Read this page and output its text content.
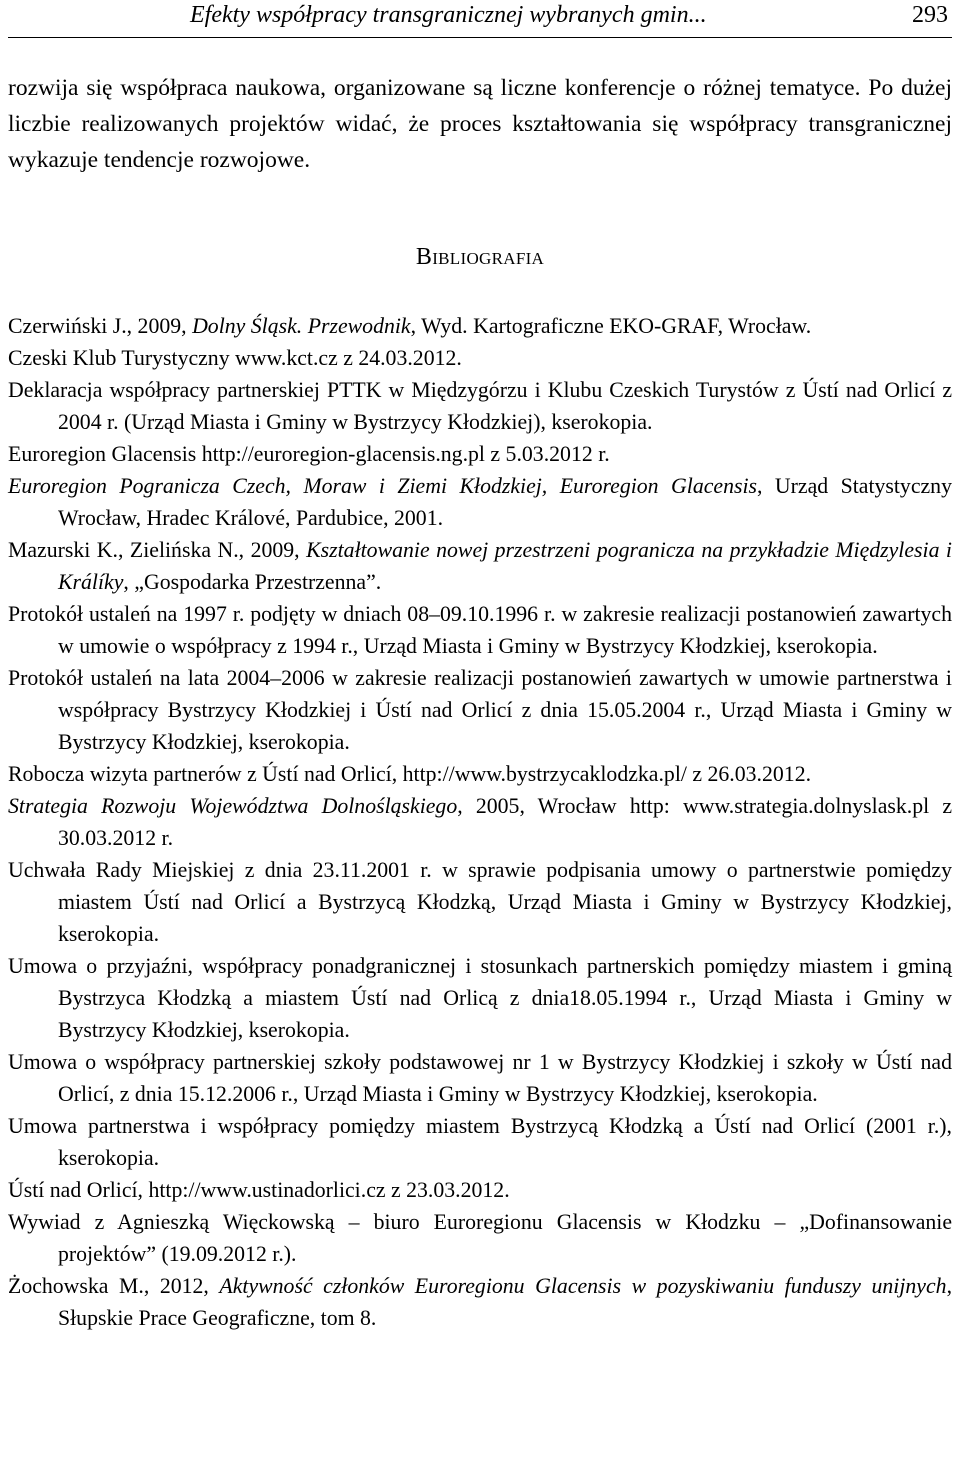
Efekty współpracy transgranicznej wybranych gmin...	293

rozwija się współpraca naukowa, organizowane są liczne konferencje o różnej tematyce. Po dużej liczbie realizowanych projektów widać, że proces kształtowania się współpracy transgranicznej wykazuje tendencje rozwojowe.

Bibliografia
Czerwiński J., 2009, Dolny Śląsk. Przewodnik, Wyd. Kartograficzne EKO-GRAF, Wrocław.
Czeski Klub Turystyczny www.kct.cz z 24.03.2012.
Deklaracja współpracy partnerskiej PTTK w Międzygórzu i Klubu Czeskich Turystów z Ústí nad Orlicí z 2004 r. (Urząd Miasta i Gminy w Bystrzycy Kłodzkiej), kserokopia.
Euroregion Glacensis http://euroregion-glacensis.ng.pl z 5.03.2012 r.
Euroregion Pogranicza Czech, Moraw i Ziemi Kłodzkiej, Euroregion Glacensis, Urząd Statystyczny Wrocław, Hradec Králové, Pardubice, 2001.
Mazurski K., Zielińska N., 2009, Kształtowanie nowej przestrzeni pogranicza na przykładzie Międzylesia i Králíky, „Gospodarka Przestrzenna”.
Protokół ustaleń na 1997 r. podjęty w dniach 08–09.10.1996 r. w zakresie realizacji postanowień zawartych w umowie o współpracy z 1994 r., Urząd Miasta i Gminy w Bystrzycy Kłodzkiej, kserokopia.
Protokół ustaleń na lata 2004–2006 w zakresie realizacji postanowień zawartych w umowie partnerstwa i współpracy Bystrzycy Kłodzkiej i Ústí nad Orlicí z dnia 15.05.2004 r., Urząd Miasta i Gminy w Bystrzycy Kłodzkiej, kserokopia.
Robocza wizyta partnerów z Ústí nad Orlicí, http://www.bystrzycaklodzka.pl/ z 26.03.2012.
Strategia Rozwoju Województwa Dolnośląskiego, 2005, Wrocław http: www.strategia.dolnyslask.pl z 30.03.2012 r.
Uchwała Rady Miejskiej z dnia 23.11.2001 r. w sprawie podpisania umowy o partnerstwie pomiędzy miastem Ústí nad Orlicí a Bystrzycą Kłodzką, Urząd Miasta i Gminy w Bystrzycy Kłodzkiej, kserokopia.
Umowa o przyjaźni, współpracy ponadgranicznej i stosunkach partnerskich pomiędzy miastem i gminą Bystrzyca Kłodzką a miastem Ústí nad Orlicą z dnia18.05.1994 r., Urząd Miasta i Gminy w Bystrzycy Kłodzkiej, kserokopia.
Umowa o współpracy partnerskiej szkoły podstawowej nr 1 w Bystrzycy Kłodzkiej i szkoły w Ústí nad Orlicí, z dnia 15.12.2006 r., Urząd Miasta i Gminy w Bystrzycy Kłodzkiej, kserokopia.
Umowa partnerstwa i współpracy pomiędzy miastem Bystrzycą Kłodzką a Ústí nad Orlicí (2001 r.), kserokopia.
Ústí nad Orlicí, http://www.ustinadorlici.cz z 23.03.2012.
Wywiad z Agnieszką Więckowską – biuro Euroregionu Glacensis w Kłodzku – „Dofinansowanie projektów” (19.09.2012 r.).
Żochowska M., 2012, Aktywność członków Euroregionu Glacensis w pozyskiwaniu funduszy unijnych, Słupskie Prace Geograficzne, tom 8.
